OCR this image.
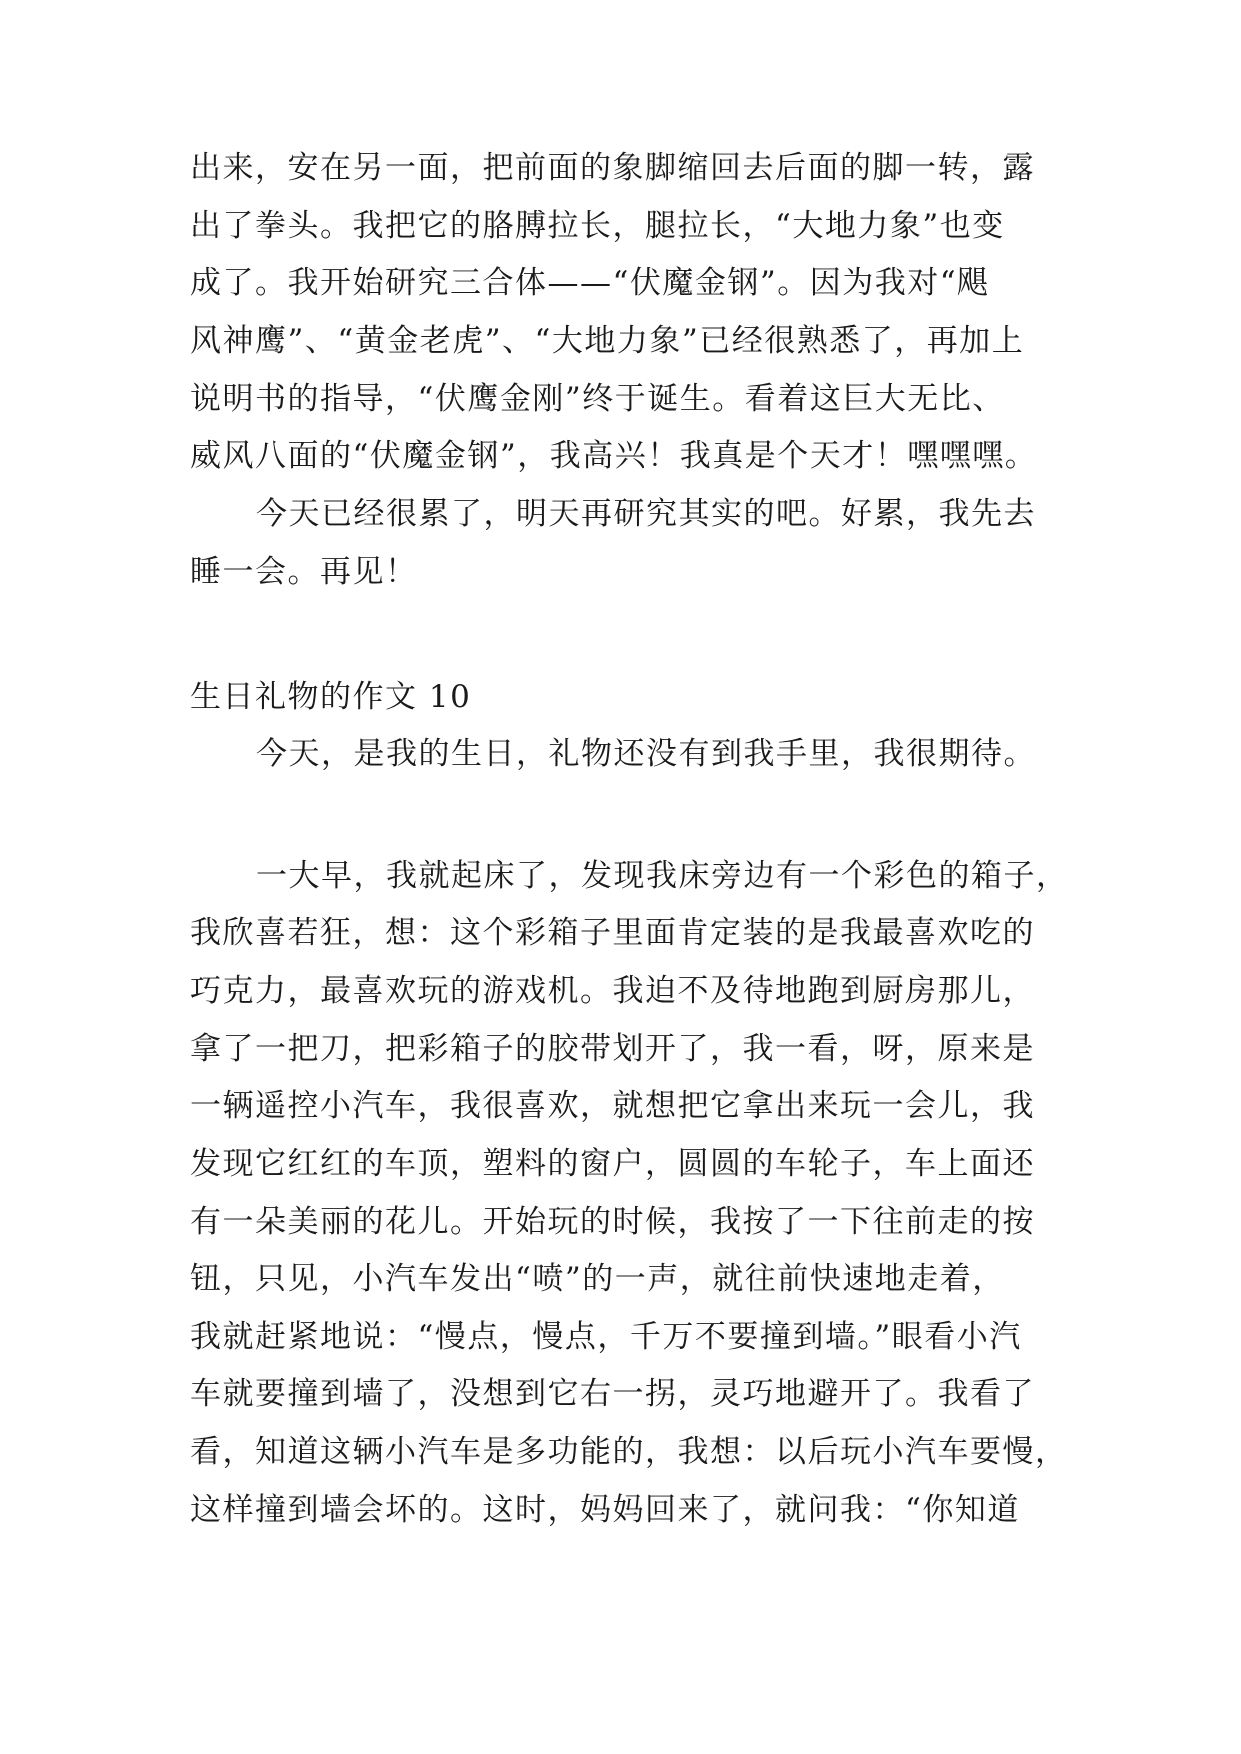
出来，安在另一面，把前面的象脚缩回去后面的脚一转，露
出了拳头。我把它的胳膊拉长，腿拉长，“大地力象”也变
成了。我开始研究三合体——“伏魔金钢”。因为我对“飓
风神鹰”、“黄金老虎”、“大地力象”已经很熟悉了，再加上
说明书的指导，“伏鹰金刚”终于诞生。看着这巨大无比、
威风八面的“伏魔金钢”，我高兴！我真是个天才！嘿嘿嘿。
今天已经很累了，明天再研究其实的吧。好累，我先去
睡一会。再见！
生日礼物的作文 10
今天，是我的生日，礼物还没有到我手里，我很期待。
一大早，我就起床了，发现我床旁边有一个彩色的箱子，
我欣喜若狂，想：这个彩箱子里面肯定装的是我最喜欢吃的
巧克力，最喜欢玩的游戏机。我迫不及待地跑到厨房那儿，
拿了一把刀，把彩箱子的胶带划开了，我一看，呀，原来是
一辆遥控小汽车，我很喜欢，就想把它拿出来玩一会儿，我
发现它红红的车顶，塑料的窗户，圆圆的车轮子，车上面还
有一朵美丽的花儿。开始玩的时候，我按了一下往前走的按
钮，只见，小汽车发出“喷”的一声，就往前快速地走着，
我就赶紧地说：“慢点，慢点，千万不要撞到墙。”眼看小汽
车就要撞到墙了，没想到它右一拐，灵巧地避开了。我看了
看，知道这辆小汽车是多功能的，我想：以后玩小汽车要慢，
这样撞到墙会坏的。这时，妈妈回来了，就问我：“你知道
